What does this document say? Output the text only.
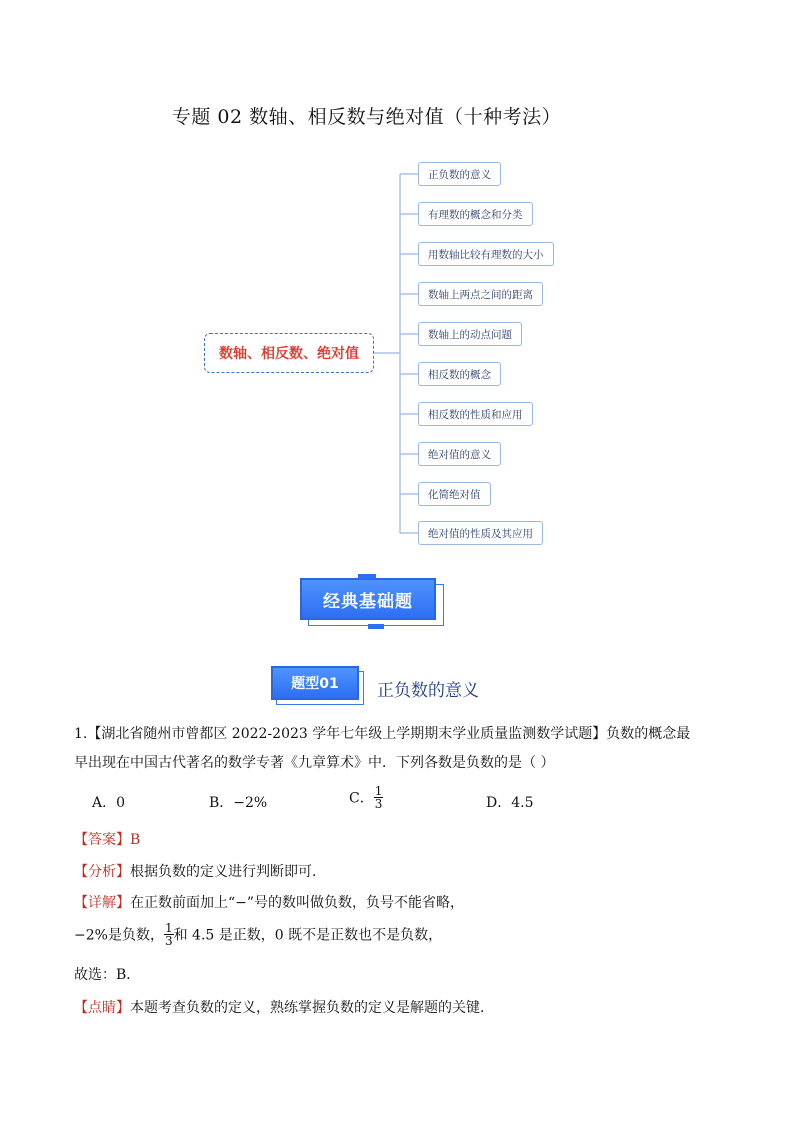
专题 02 数轴、相反数与绝对值（十种考法）
数轴、相反数、绝对值
正负数的意义
有理数的概念和分类
用数轴比较有理数的大小
数轴上两点之间的距离
数轴上的动点问题
相反数的概念
相反数的性质和应用
绝对值的意义
化简绝对值
绝对值的性质及其应用
经典基础题
题型01	正负数的意义
1.【湖北省随州市曾都区 2022-2023 学年七年级上学期期末学业质量监测数学试题】负数的概念最
早出现在中国古代著名的数学专著《九章算术》中．下列各数是负数的是（ ）
A．0	B．−2%	C． $\frac{1}{3}$	D．4.5
【答案】B
【分析】根据负数的定义进行判断即可．
【详解】在正数前面加上“−”号的数叫做负数，负号不能省略，
−2%是负数， $\frac{1}{3}$ 和 4.5 是正数，0 既不是正数也不是负数，
故选：B．
【点睛】本题考查负数的定义，熟练掌握负数的定义是解题的关键．
